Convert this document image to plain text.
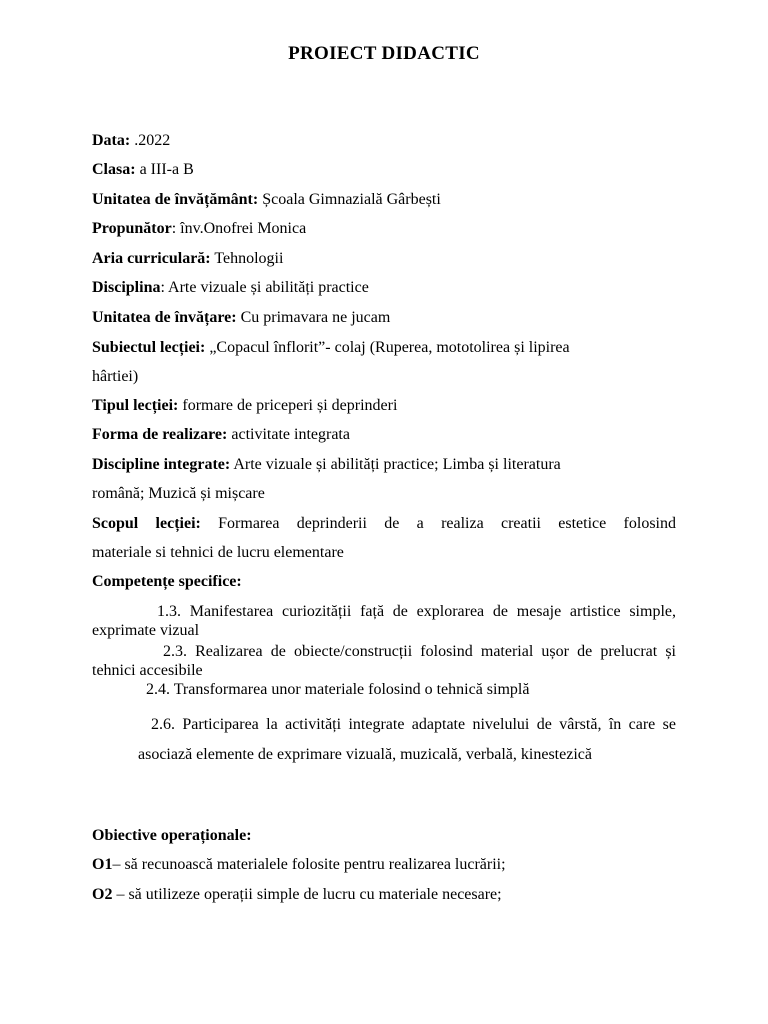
PROIECT DIDACTIC
Data: .2022
Clasa: a III-a B
Unitatea de învățământ: Școala Gimnazială Gârbești
Propunător: înv.Onofrei Monica
Aria curriculară: Tehnologii
Disciplina: Arte vizuale și abilități practice
Unitatea de învățare: Cu primavara ne jucam
Subiectul lecției: „Copacul înflorit”- colaj (Ruperea, mototolirea și lipirea
hârtiei)
Tipul lecției: formare de priceperi și deprinderi
Forma de realizare: activitate integrata
Discipline integrate: Arte vizuale și abilități practice; Limba și literatura
română; Muzică și mișcare
Scopul lecției: Formarea deprinderii de a realiza creatii estetice folosind
materiale si tehnici de lucru elementare
Competențe specifice:
1.3. Manifestarea curiozității față de explorarea de mesaje artistice simple, exprimate vizual
2.3. Realizarea de obiecte/construcții folosind material ușor de prelucrat și tehnici accesibile
2.4. Transformarea unor materiale folosind o tehnică simplă
2.6. Participarea la activități integrate adaptate nivelului de vârstă, în care se asociază elemente de exprimare vizuală, muzicală, verbală, kinestezică
Obiective operaționale:
O1– să recunoască materialele folosite pentru realizarea lucrării;
O2 – să utilizeze operații simple de lucru cu materiale necesare;
